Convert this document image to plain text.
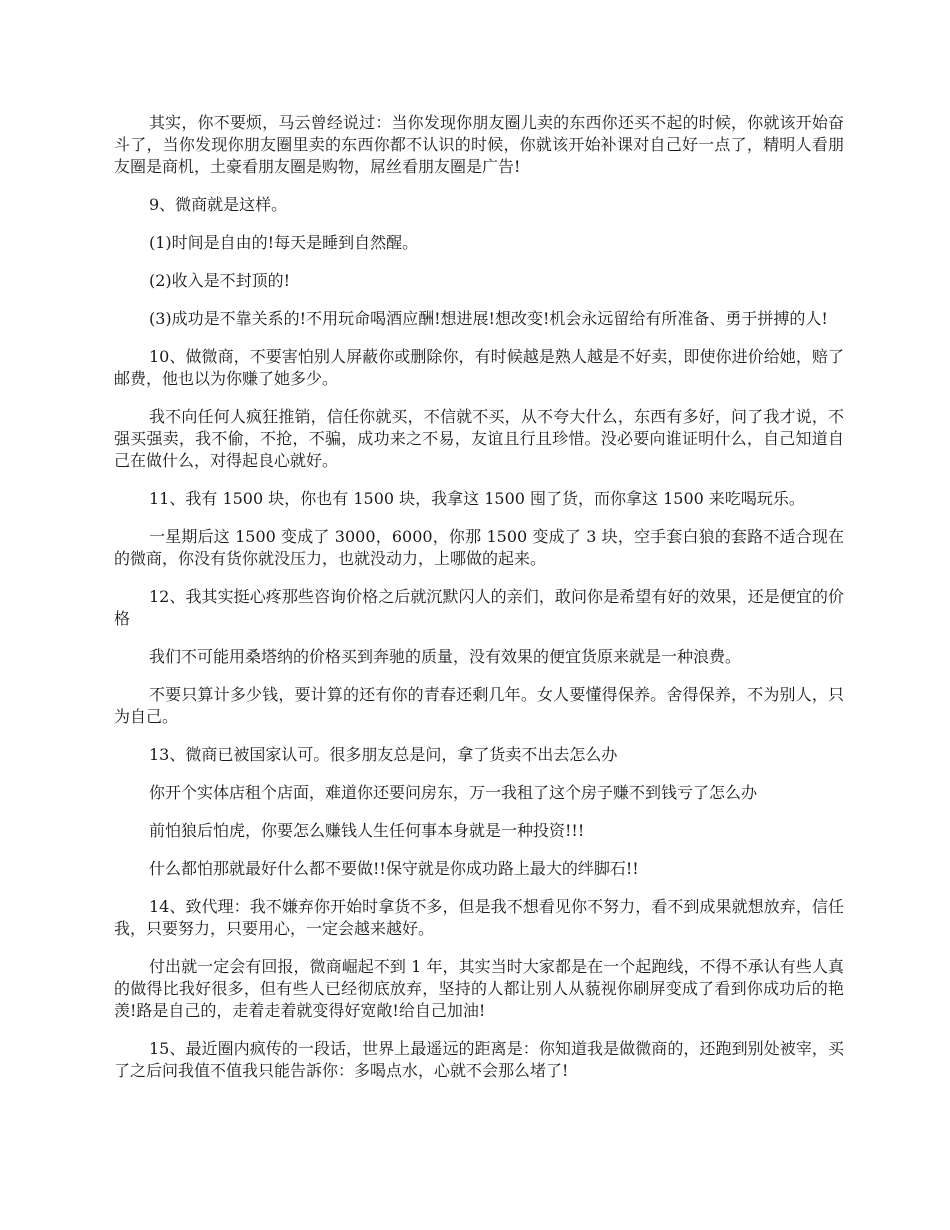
其实，你不要烦，马云曾经说过：当你发现你朋友圈儿卖的东西你还买不起的时候，你就该开始奋斗了，当你发现你朋友圈里卖的东西你都不认识的时候，你就该开始补课对自己好一点了，精明人看朋友圈是商机，土豪看朋友圈是购物，屌丝看朋友圈是广告!

9、微商就是这样。

(1)时间是自由的!每天是睡到自然醒。

(2)收入是不封顶的!

(3)成功是不靠关系的!不用玩命喝酒应酬!想进展!想改变!机会永远留给有所准备、勇于拼搏的人!

10、做微商，不要害怕别人屏蔽你或删除你，有时候越是熟人越是不好卖，即使你进价给她，赔了邮费，他也以为你赚了她多少。

我不向任何人疯狂推销，信任你就买，不信就不买，从不夸大什么，东西有多好，问了我才说，不强买强卖，我不偷，不抢，不骗，成功来之不易，友谊且行且珍惜。没必要向谁证明什么，自己知道自己在做什么，对得起良心就好。

11、我有 1500 块，你也有 1500 块，我拿这 1500 囤了货，而你拿这 1500 来吃喝玩乐。

一星期后这 1500 变成了 3000，6000，你那 1500 变成了 3 块，空手套白狼的套路不适合现在的微商，你没有货你就没压力，也就没动力，上哪做的起来。

12、我其实挺心疼那些咨询价格之后就沉默闪人的亲们，敢问你是希望有好的效果，还是便宜的价格

我们不可能用桑塔纳的价格买到奔驰的质量，没有效果的便宜货原来就是一种浪费。

不要只算计多少钱，要计算的还有你的青春还剩几年。女人要懂得保养。舍得保养，不为别人，只为自己。

13、微商已被国家认可。很多朋友总是问，拿了货卖不出去怎么办

你开个实体店租个店面，难道你还要问房东，万一我租了这个房子赚不到钱亏了怎么办

前怕狼后怕虎，你要怎么赚钱人生任何事本身就是一种投资!!!

什么都怕那就最好什么都不要做!!保守就是你成功路上最大的绊脚石!!

14、致代理：我不嫌弃你开始时拿货不多，但是我不想看见你不努力，看不到成果就想放弃，信任我，只要努力，只要用心，一定会越来越好。

付出就一定会有回报，微商崛起不到 1 年，其实当时大家都是在一个起跑线，不得不承认有些人真的做得比我好很多，但有些人已经彻底放弃，坚持的人都让别人从藐视你刷屏变成了看到你成功后的艳羡!路是自己的，走着走着就变得好宽敞!给自己加油!

15、最近圈内疯传的一段话，世界上最遥远的距离是：你知道我是做微商的，还跑到别处被宰，买了之后问我值不值我只能告訴你：多喝点水，心就不会那么堵了!
